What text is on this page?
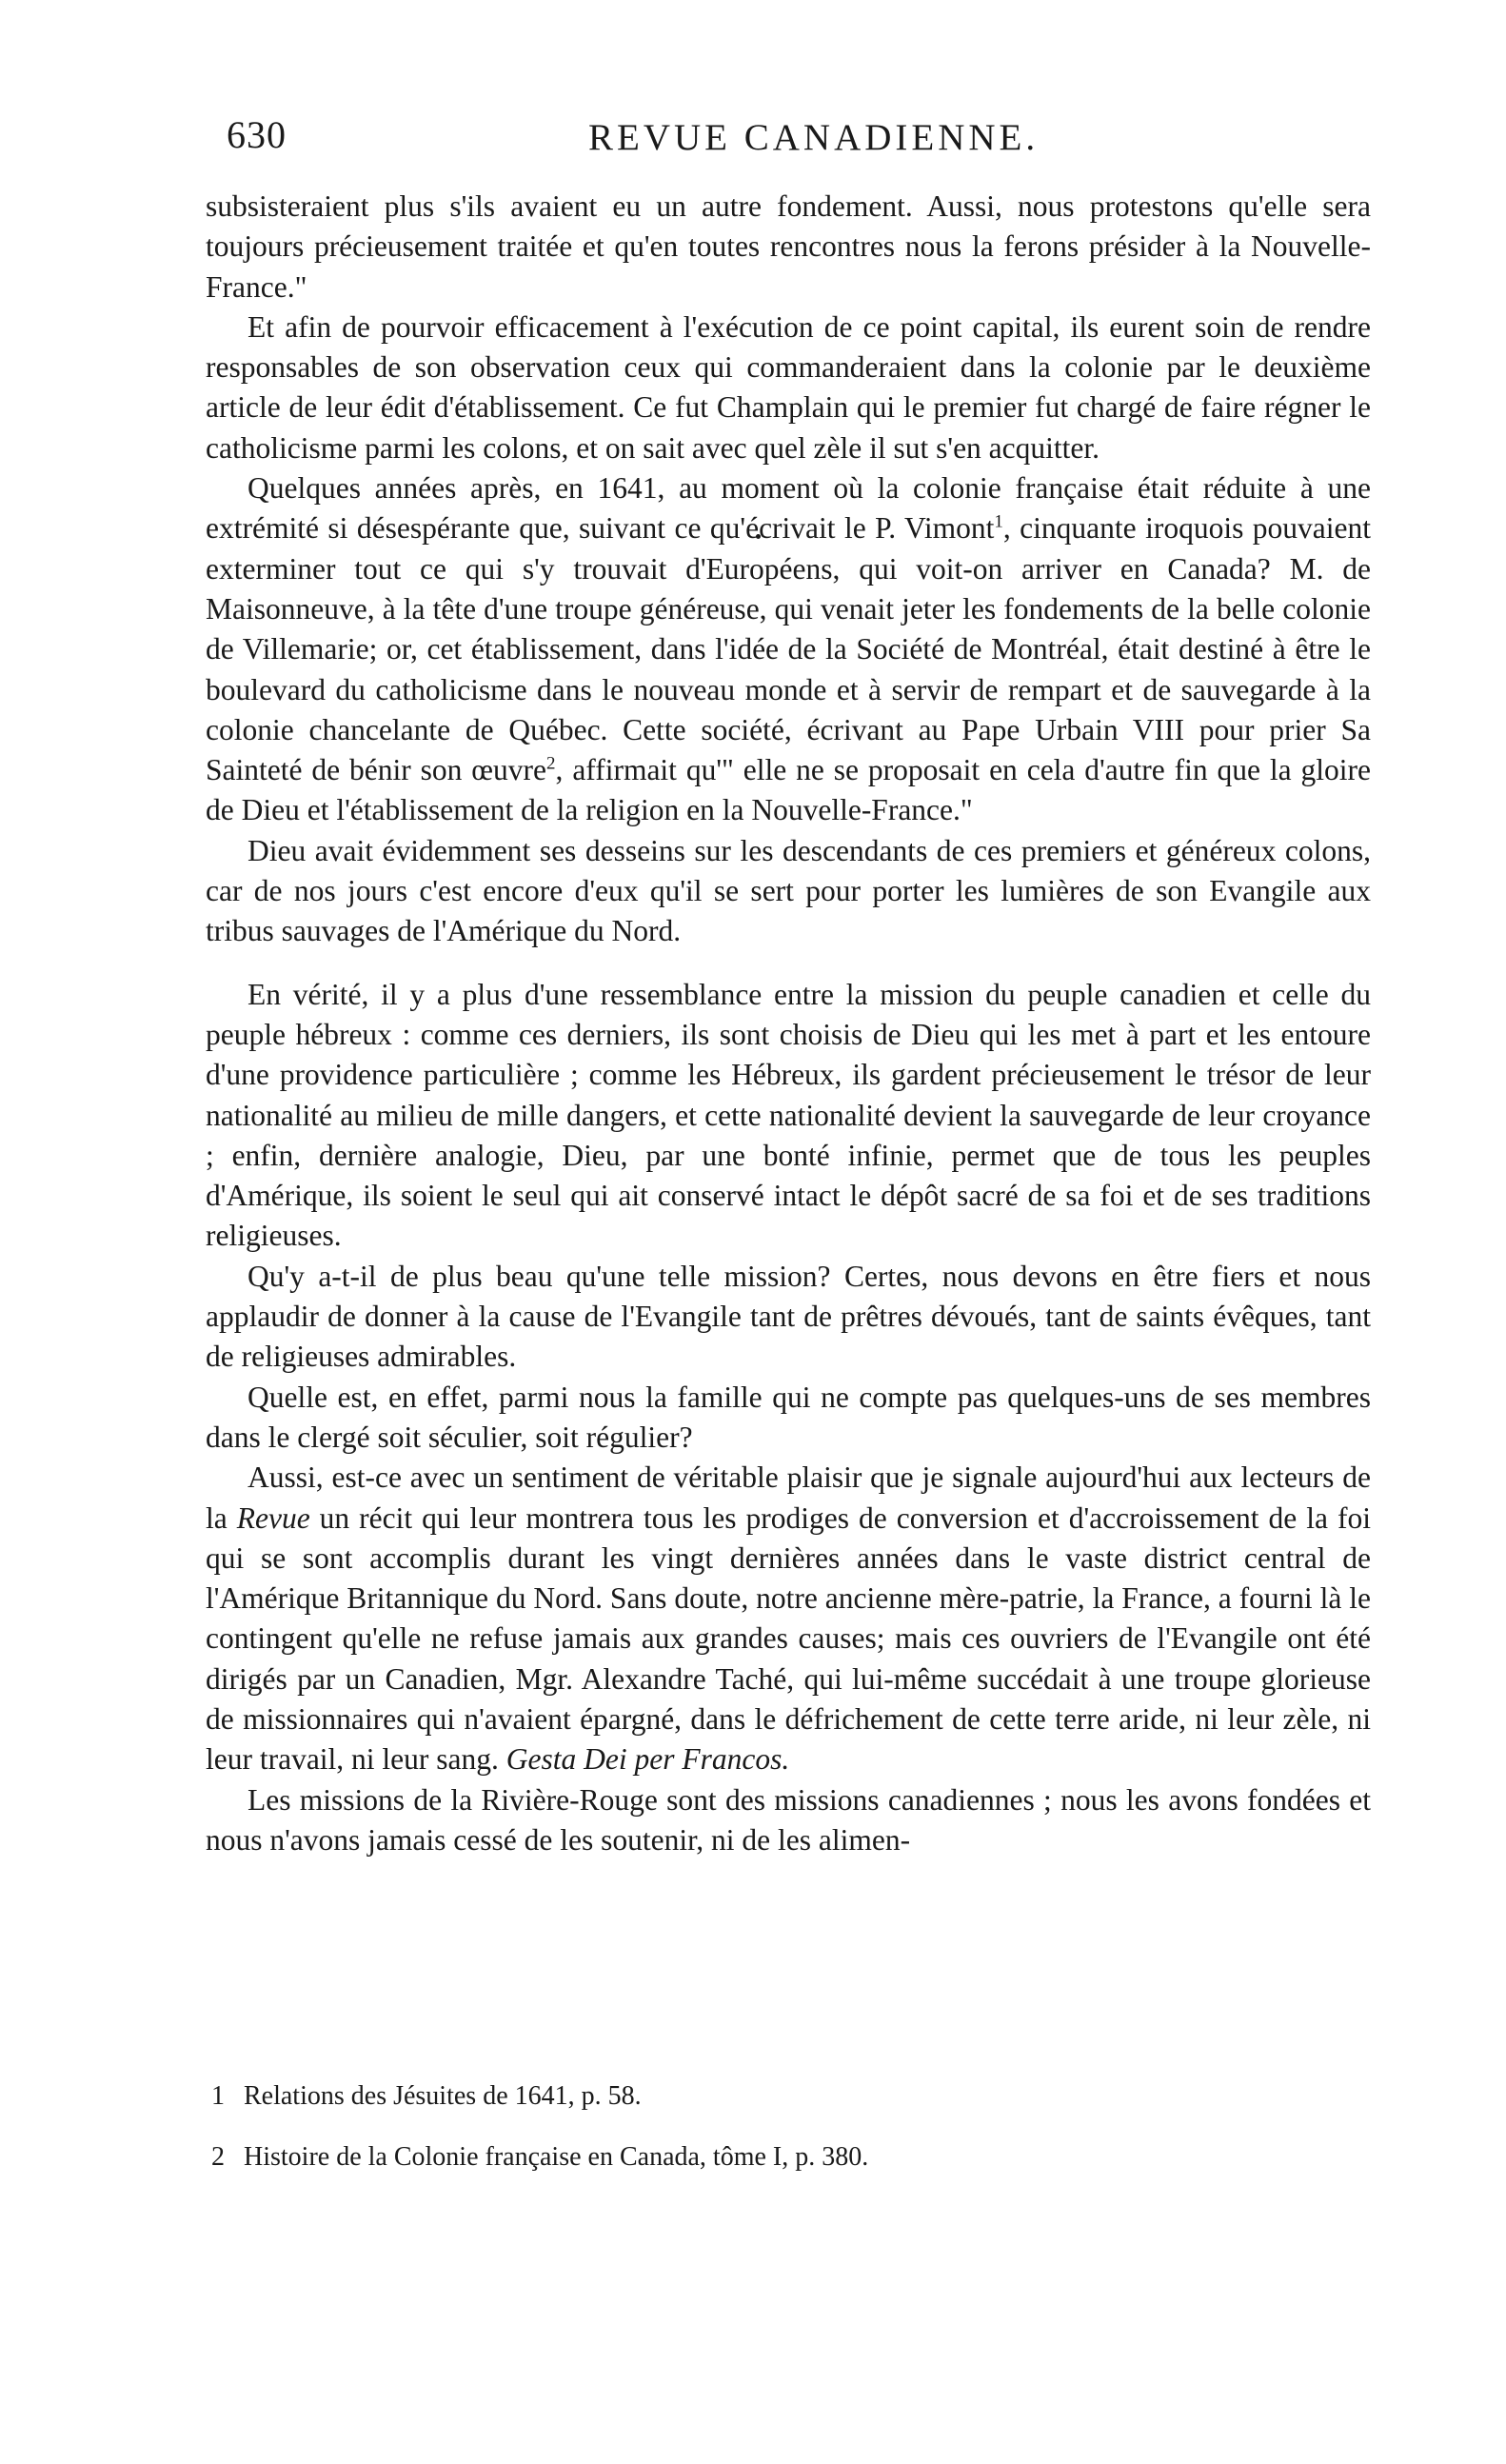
630	REVUE CANADIENNE.

subsisteraient plus s'ils avaient eu un autre fondement. Aussi, nous protestons qu'elle sera toujours précieusement traitée et qu'en toutes rencontres nous la ferons présider à la Nouvelle-France."

Et afin de pourvoir efficacement à l'exécution de ce point capital, ils eurent soin de rendre responsables de son observation ceux qui commanderaient dans la colonie par le deuxième article de leur édit d'établissement. Ce fut Champlain qui le premier fut chargé de faire régner le catholicisme parmi les colons, et on sait avec quel zèle il sut s'en acquitter.

Quelques années après, en 1641, au moment où la colonie française était réduite à une extrémité si désespérante que, suivant ce qu'écrivait le P. Vimont$^1$, cinquante iroquois pouvaient exterminer tout ce qui s'y trouvait d'Européens, qui voit-on arriver en Canada? M. de Maisonneuve, à la tête d'une troupe généreuse, qui venait jeter les fondements de la belle colonie de Villemarie; or, cet établissement, dans l'idée de la Société de Montréal, était destiné à être le boulevard du catholicisme dans le nouveau monde et à servir de rempart et de sauvegarde à la colonie chancelante de Québec. Cette société, écrivant au Pape Urbain VIII pour prier Sa Sainteté de bénir son œuvre$^2$, affirmait qu'" elle ne se proposait en cela d'autre fin que la gloire de Dieu et l'établissement de la religion en la Nouvelle-France."

Dieu avait évidemment ses desseins sur les descendants de ces premiers et généreux colons, car de nos jours c'est encore d'eux qu'il se sert pour porter les lumières de son Evangile aux tribus sauvages de l'Amérique du Nord.

En vérité, il y a plus d'une ressemblance entre la mission du peuple canadien et celle du peuple hébreux : comme ces derniers, ils sont choisis de Dieu qui les met à part et les entoure d'une providence particulière ; comme les Hébreux, ils gardent précieusement le trésor de leur nationalité au milieu de mille dangers, et cette nationalité devient la sauvegarde de leur croyance ; enfin, dernière analogie, Dieu, par une bonté infinie, permet que de tous les peuples d'Amérique, ils soient le seul qui ait conservé intact le dépôt sacré de sa foi et de ses traditions religieuses.

Qu'y a-t-il de plus beau qu'une telle mission? Certes, nous devons en être fiers et nous applaudir de donner à la cause de l'Evangile tant de prêtres dévoués, tant de saints évêques, tant de religieuses admirables.

Quelle est, en effet, parmi nous la famille qui ne compte pas quelques-uns de ses membres dans le clergé soit séculier, soit régulier?

Aussi, est-ce avec un sentiment de véritable plaisir que je signale aujourd'hui aux lecteurs de la Revue un récit qui leur montrera tous les prodiges de conversion et d'accroissement de la foi qui se sont accomplis durant les vingt dernières années dans le vaste district central de l'Amérique Britannique du Nord. Sans doute, notre ancienne mère-patrie, la France, a fourni là le contingent qu'elle ne refuse jamais aux grandes causes; mais ces ouvriers de l'Evangile ont été dirigés par un Canadien, Mgr. Alexandre Taché, qui lui-même succédait à une troupe glorieuse de missionnaires qui n'avaient épargné, dans le défrichement de cette terre aride, ni leur zèle, ni leur travail, ni leur sang. Gesta Dei per Francos.

Les missions de la Rivière-Rouge sont des missions canadiennes ; nous les avons fondées et nous n'avons jamais cessé de les soutenir, ni de les alimen-

1 Relations des Jésuites de 1641, p. 58.

2 Histoire de la Colonie française en Canada, tôme I, p. 380.
